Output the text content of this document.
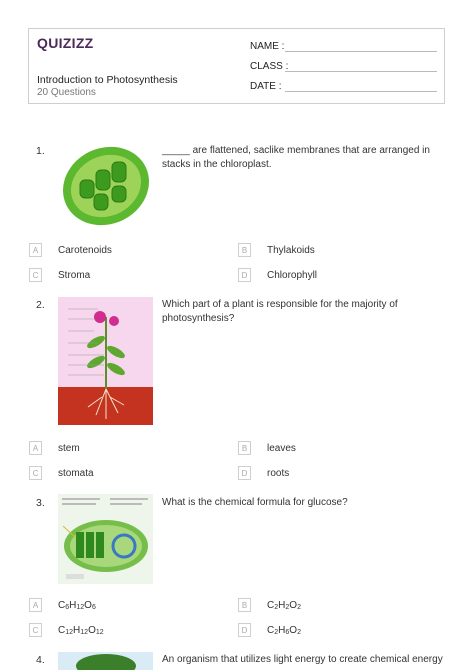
QUIZIZZ
Introduction to Photosynthesis
20 Questions
NAME :
CLASS :
DATE :
1.	_____ are flattened, saclike membranes that are arranged in stacks in the chloroplast.
A	Carotenoids	B	Thylakoids
C	Stroma	D	Chlorophyll
2.	Which part of a plant is responsible for the majority of photosynthesis?
A	stem	B	leaves
C	stomata	D	roots
3.	What is the chemical formula for glucose?
A	$C_6H_{12}O_6$	B	$C_2H_2O_2$
C	$C_{12}H_{12}O_{12}$	D	$C_2H_6O_2$
4.	An organism that utilizes light energy to create chemical energy
